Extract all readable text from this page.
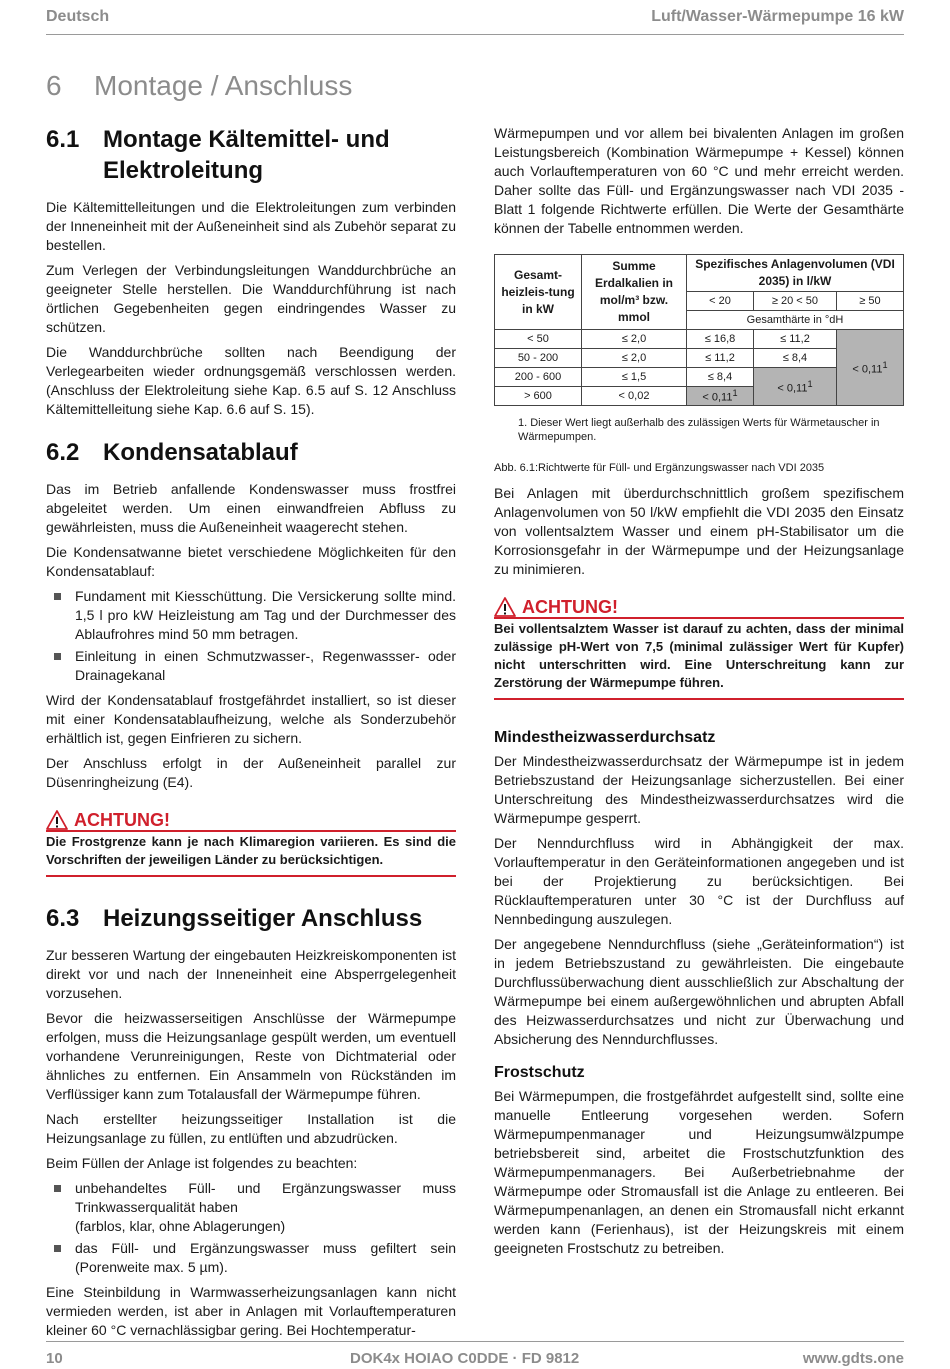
Deutsch	Luft/Wasser-Wärmepumpe 16 kW
6 Montage / Anschluss
6.1 Montage Kältemittel- und
Elektroleitung

Die Kältemittelleitungen und die Elektroleitungen zum verbinden der Inneneinheit mit der Außeneinheit sind als Zubehör separat zu bestellen.

Zum Verlegen der Verbindungsleitungen Wanddurchbrüche an geeigneter Stelle herstellen. Die Wanddurchführung ist nach örtlichen Gegebenheiten gegen eindringendes Wasser zu schützen.

Die Wanddurchbrüche sollten nach Beendigung der Verlegearbeiten wieder ordnungsgemäß verschlossen werden. (Anschluss der Elektroleitung siehe Kap. 6.5 auf S. 12 Anschluss Kältemittelleitung siehe Kap. 6.6 auf S. 15).

6.2 Kondensatablauf

Das im Betrieb anfallende Kondenswasser muss frostfrei abgeleitet werden. Um einen einwandfreien Abfluss zu gewährleisten, muss die Außeneinheit waagerecht stehen.

Die Kondensatwanne bietet verschiedene Möglichkeiten für den Kondensatablauf:

Fundament mit Kiesschüttung. Die Versickerung sollte mind. 1,5 l pro kW Heizleistung am Tag und der Durchmesser des Ablaufrohres mind 50 mm betragen.
Einleitung in einen Schmutzwasser-, Regenwassser- oder Drainagekanal

Wird der Kondensatablauf frostgefährdet installiert, so ist dieser mit einer Kondensatablaufheizung, welche als Sonderzubehör erhältlich ist, gegen Einfrieren zu sichern.

Der Anschluss erfolgt in der Außeneinheit parallel zur Düsenringheizung (E4).

ACHTUNG!
Die Frostgrenze kann je nach Klimaregion variieren. Es sind die Vorschriften der jeweiligen Länder zu berücksichtigen.
6.3 Heizungsseitiger Anschluss

Zur besseren Wartung der eingebauten Heizkreiskomponenten ist direkt vor und nach der Inneneinheit eine Absperrgelegenheit vorzusehen.

Bevor die heizwasserseitigen Anschlüsse der Wärmepumpe erfolgen, muss die Heizungsanlage gespült werden, um eventuell vorhandene Verunreinigungen, Reste von Dichtmaterial oder ähnliches zu entfernen. Ein Ansammeln von Rückständen im Verflüssiger kann zum Totalausfall der Wärmepumpe führen.

Nach erstellter heizungsseitiger Installation ist die Heizungsanlage zu füllen, zu entlüften und abzudrücken.

Beim Füllen der Anlage ist folgendes zu beachten:

unbehandeltes Füll- und Ergänzungswasser muss Trinkwasserqualität haben
(farblos, klar, ohne Ablagerungen)
das Füll- und Ergänzungswasser muss gefiltert sein (Porenweite max. 5 µm).

Eine Steinbildung in Warmwasserheizungsanlagen kann nicht vermieden werden, ist aber in Anlagen mit Vorlauftemperaturen kleiner 60 °C vernachlässigbar gering. Bei Hochtemperatur-

Wärmepumpen und vor allem bei bivalenten Anlagen im großen Leistungsbereich (Kombination Wärmepumpe + Kessel) können auch Vorlauftemperaturen von 60 °C und mehr erreicht werden. Daher sollte das Füll- und Ergänzungswasser nach VDI 2035 - Blatt 1 folgende Richtwerte erfüllen. Die Werte der Gesamthärte können der Tabelle entnommen werden.

Gesamt-heizleis-tung in kW	Summe Erdalkalien in mol/m³ bzw. mmol	Spezifisches Anlagenvolumen (VDI 2035) in l/kW		
		< 20	≥ 20 < 50	≥ 50
		Gesamthärte in °dH		
< 50	≤ 2,0	≤ 16,8	≤ 11,2	< $0,11^1$
50 - 200	≤ 2,0	≤ 11,2	≤ 8,4	
200 - 600	≤ 1,5	≤ 8,4	< $0,11^1$
> 600	< 0,02	< $0,11^1$
1. Dieser Wert liegt außerhalb des zulässigen Werts für Wärmetauscher in Wärmepumpen.
Abb. 6.1:Richtwerte für Füll- und Ergänzungswasser nach VDI 2035

Bei Anlagen mit überdurchschnittlich großem spezifischem Anlagenvolumen von 50 l/kW empfiehlt die VDI 2035 den Einsatz von vollentsalztem Wasser und einem pH-Stabilisator um die Korrosionsgefahr in der Wärmepumpe und der Heizungsanlage zu minimieren.

ACHTUNG!
Bei vollentsalztem Wasser ist darauf zu achten, dass der minimal zulässige pH-Wert von 7,5 (minimal zulässiger Wert für Kupfer) nicht unterschritten wird. Eine Unterschreitung kann zur Zerstörung der Wärmepumpe führen.
Mindestheizwasserdurchsatz

Der Mindestheizwasserdurchsatz der Wärmepumpe ist in jedem Betriebszustand der Heizungsanlage sicherzustellen. Bei einer Unterschreitung des Mindestheizwasserdurchsatzes wird die Wärmepumpe gesperrt.

Der Nenndurchfluss wird in Abhängigkeit der max. Vorlauftemperatur in den Geräteinformationen angegeben und ist bei der Projektierung zu berücksichtigen. Bei Rücklauftemperaturen unter 30 °C ist der Durchfluss auf Nennbedingung auszulegen.

Der angegebene Nenndurchfluss (siehe „Geräteinformation“) ist in jedem Betriebszustand zu gewährleisten. Die eingebaute Durchflussüberwachung dient ausschließlich zur Abschaltung der Wärmepumpe bei einem außergewöhnlichen und abrupten Abfall des Heizwasserdurchsatzes und nicht zur Überwachung und Absicherung des Nenndurchflusses.

Frostschutz

Bei Wärmepumpen, die frostgefährdet aufgestellt sind, sollte eine manuelle Entleerung vorgesehen werden. Sofern Wärmepumpenmanager und Heizungsumwälzpumpe betriebsbereit sind, arbeitet die Frostschutzfunktion des Wärmepumpenmanagers. Bei Außerbetriebnahme der Wärmepumpe oder Stromausfall ist die Anlage zu entleeren. Bei Wärmepumpenanlagen, an denen ein Stromausfall nicht erkannt werden kann (Ferienhaus), ist der Heizungskreis mit einem geeigneten Frostschutz zu betreiben.

10	DOK4x HOIAO C0DDE · FD 9812	www.gdts.one
